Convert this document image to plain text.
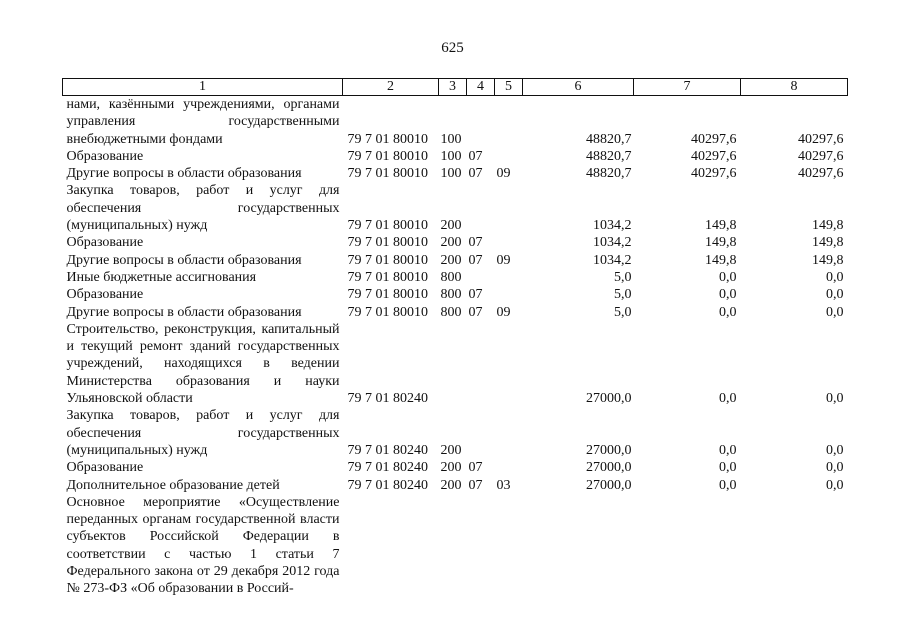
625
1	2	3	4	5	6	7	8
нами, казёнными учреждениями, органами управления государственными внебюджетными фондами	79 7 01 80010	100			48820,7	40297,6	40297,6
Образование	79 7 01 80010	100	07		48820,7	40297,6	40297,6
Другие вопросы в области образования	79 7 01 80010	100	07	09	48820,7	40297,6	40297,6
Закупка товаров, работ и услуг для обеспечения государственных (муниципальных) нужд	79 7 01 80010	200			1034,2	149,8	149,8
Образование	79 7 01 80010	200	07		1034,2	149,8	149,8
Другие вопросы в области образования	79 7 01 80010	200	07	09	1034,2	149,8	149,8
Иные бюджетные ассигнования	79 7 01 80010	800			5,0	0,0	0,0
Образование	79 7 01 80010	800	07		5,0	0,0	0,0
Другие вопросы в области образования	79 7 01 80010	800	07	09	5,0	0,0	0,0
Строительство, реконструкция, капитальный и текущий ремонт зданий государственных учреждений, находящихся в ведении Министерства образования и науки Ульяновской области	79 7 01 80240				27000,0	0,0	0,0
Закупка товаров, работ и услуг для обеспечения государственных (муниципальных) нужд	79 7 01 80240	200			27000,0	0,0	0,0
Образование	79 7 01 80240	200	07		27000,0	0,0	0,0
Дополнительное образование детей	79 7 01 80240	200	07	03	27000,0	0,0	0,0
Основное мероприятие «Осуществление переданных органам государственной власти субъектов Российской Федерации в соответствии с частью 1 статьи 7 Федерального закона от 29 декабря 2012 года № 273-ФЗ «Об образовании в Россий-							
